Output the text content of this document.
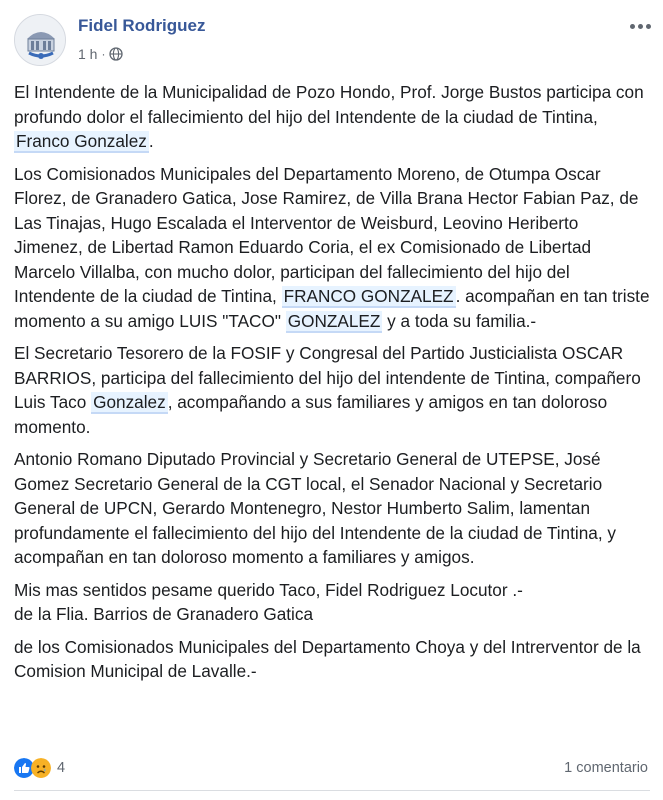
Fidel Rodriguez
1 h ·

El Intendente de la Municipalidad de Pozo Hondo, Prof. Jorge Bustos participa con profundo dolor el fallecimiento del hijo del Intendente de la ciudad de Tintina, Franco Gonzalez .

Los Comisionados Municipales del Departamento Moreno, de Otumpa Oscar Florez, de Granadero Gatica, Jose Ramirez, de Villa Brana Hector Fabian Paz, de Las Tinajas, Hugo Escalada el Interventor de Weisburd, Leovino Heriberto Jimenez, de Libertad Ramon Eduardo Coria, el ex Comisionado de Libertad Marcelo Villalba, con mucho dolor, participan del fallecimiento del hijo del Intendente de la ciudad de Tintina, FRANCO GONZALEZ . acompañan en tan triste momento a su amigo LUIS "TACO" GONZALEZ y a toda su familia.-

El Secretario Tesorero de la FOSIF y Congresal del Partido Justicialista OSCAR BARRIOS, participa del fallecimiento del hijo del intendente de Tintina, compañero Luis Taco Gonzalez , acompañando a sus familiares y amigos en tan doloroso momento.

Antonio Romano Diputado Provincial y Secretario General de UTEPSE, José Gomez Secretario General de la CGT local, el Senador Nacional y Secretario General de UPCN, Gerardo Montenegro, Nestor Humberto Salim, lamentan profundamente el fallecimiento del hijo del Intendente de la ciudad de Tintina, y acompañan en tan doloroso momento a familiares y amigos.

Mis mas sentidos pesame querido Taco, Fidel Rodriguez Locutor .-
de la Flia. Barrios de Granadero Gatica

de los Comisionados Municipales del Departamento Choya y del Intrerventor de la Comision Municipal de Lavalle.-

4	1 comentario
